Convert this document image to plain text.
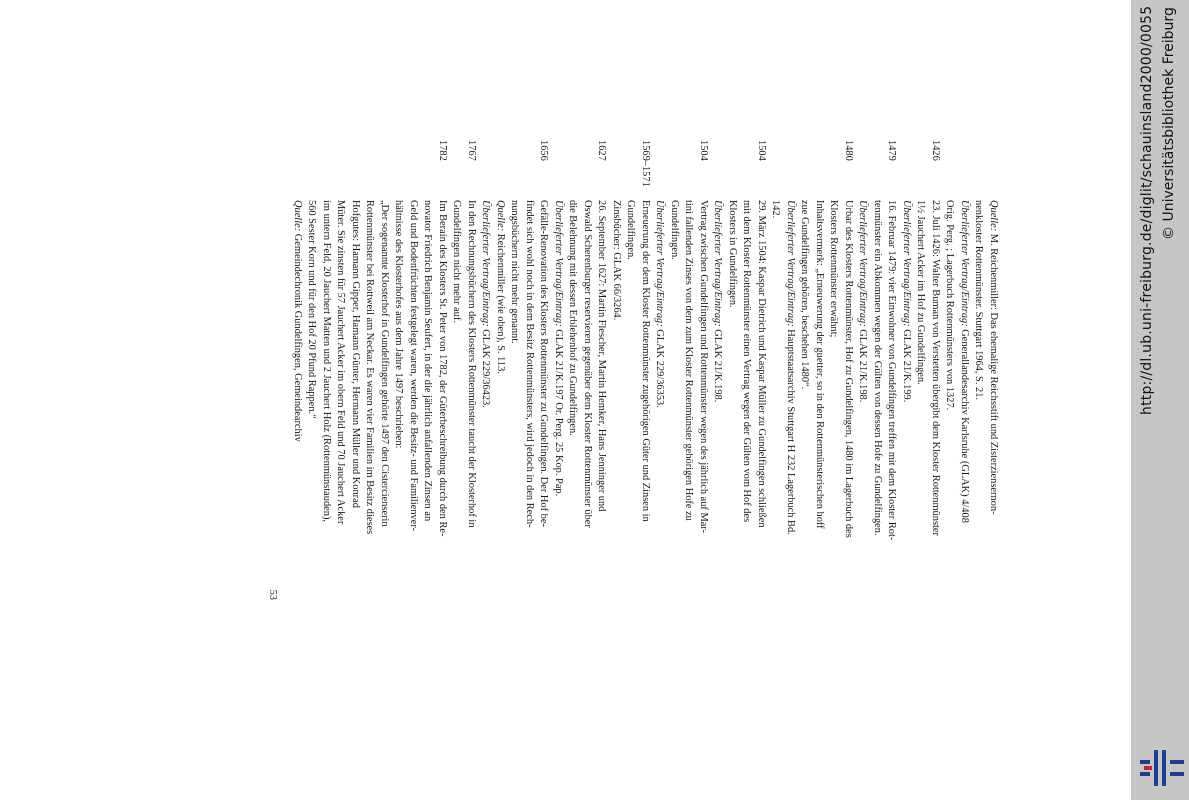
Quelle: M. Reichenmiller: Das ehemalige Reichsstift und Zisterziensernon-
nenkloster Rottenmünster. Stuttgart 1964, S. 21.
Überlieferter Vertrag/Eintrag: Generallandesarchiv Karlsruhe (GLAK) 4/408
Orig. Perg. ; Lagerbuch Rottenmünsters von 1327.
1426
23. Juli 1426: Walter Buman von Verstetten übergibt dem Kloster Rottenmünster
1½ Jauchert Acker im Hof zu Gundelfingen.
Überlieferter Vertrag/Eintrag: GLAK 21/K.199.
1479
16. Februar 1479: vier Einwohner von Gundelfingen treffen mit dem Kloster Rot-
tenmünster ein Abkommen wegen der Gülten von dessen Hofe zu Gundelfingen.
Überlieferter Vertrag/Eintrag: GLAK 21/K.198.
1480
Urbar des Klosters Rottenmünster, Hof zu Gundelfingen, 1480 im Lagerbuch des
Klosters Rottenmünster erwähnt;
Inhaltsvermerk: „Erneuwerung der guetter, so in den Rottenmünsterischen hoff
zue Gundelfingen gehören, beschehen 1480“.
Überlieferter Vertrag/Eintrag: Hauptstaatsarchiv Stuttgart H 232 Lagerbuch Bd.
142.
1504
29. März 1504: Kaspar Dietrich und Kaspar Müller zu Gundelfingen schließen
mit dem Kloster Rottenmünster einen Vertrag wegen der Gülten vom Hof des
Klosters in Gundelfingen.
Überlieferter Vertrag/Eintrag: GLAK 21/K.198.
1504
Vertrag zwischen Gundelfingen und Rottenmünster wegen des jährlich auf Mar-
tini fallenden Zinses von dem zum Kloster Rottenmünster gehörigen Hofe zu
Gundelfingen.
Überlieferter Vertrag/Eintrag: GLAK 229/36353.
1569–1571
Erneuerung der dem Kloster Rottenmünster zugehörigen Güter und Zinsen in
Gundelfingen.
Zinsbücher: GLAK 66/3264.
1627
26. September 1627: Martin Flescher, Martin Hemker, Hans Jenninger und
Oswald Scherenburger reservieren gegenüber dem Kloster Rottenmünster über
die Belehnung mit dessen Erblehenhof zu Gundelfingen.
Überlieferter Vertrag/Eintrag: GLAK 21/K.197 Or. Perg. 25 Kop. Pap.
1656
Gefälle-Renovation des Klosters Rottenmünster zu Gundelfingen. Der Hof be-
findet sich wohl noch in dem Besitz Rottenmünsters, wird jedoch in den Rech-
nungsbüchern nicht mehr genannt.
Quelle: Reichenmiller (wie oben), S. 113.
Überlieferter Vertrag/Eintrag: GLAK 229/36423.
1767
In den Rechnungsbüchern des Klosters Rottenmünster taucht der Klosterhof in
Gundelfingen nicht mehr auf.
1782
Im Berain des Klosters St. Peter von 1782, der Güterbeschreibung durch den Re-
novator Friedrich Benjamin Seufert, in der die jährlich anfallenden Zinsen an
Geld und Bodenfrüchten festgelegt waren, werden die Besitz- und Familienver-
hältnisse des Klosterhofes aus dem Jahre 1497 beschrieben:
„Der sogenannte Klosterhof in Gundelfingen gehörte 1497 den Cistercienserin
Rottenmünster bei Rottweil am Neckar. Es waren vier Familien im Besitz dieses
Hofgutes: Hamann Gipper, Hamann Günter, Hermann Müller und Konrad
Müter. Sie zinsten für 57 Jauchert Acker im obern Feld und 70 Jauchert Acker
im untern Feld, 20 Jauchert Matten und 2 Jauchert Holz (Rottenmünstauden),
560 Sester Korn und für den Hof 20 Pfund Rappen.“
Quelle: Gemeindechronik Gundelfingen, Gemeindearchiv
53
http://dl.ub.uni-freiburg.de/diglit/schauinsland2000/0055 © Universitätsbibliothek Freiburg
